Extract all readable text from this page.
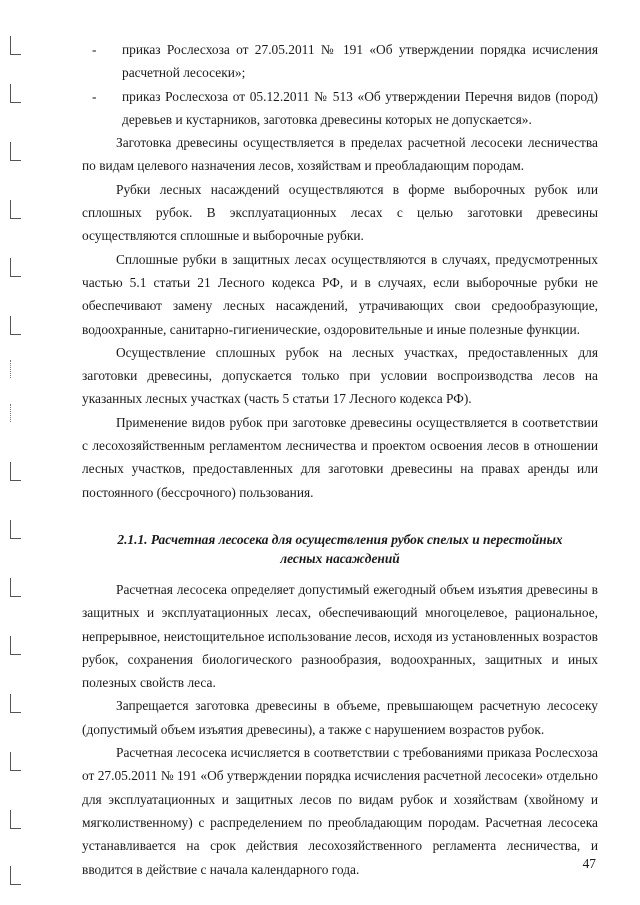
-	приказ Рослесхоза от 27.05.2011 № 191 «Об утверждении порядка исчисления расчетной лесосеки»;

-	приказ Рослесхоза от 05.12.2011 № 513 «Об утверждении Перечня видов (пород) деревьев и кустарников, заготовка древесины которых не допускается».

Заготовка древесины осуществляется в пределах расчетной лесосеки лесничества по видам целевого назначения лесов, хозяйствам и преобладающим породам.

Рубки лесных насаждений осуществляются в форме выборочных рубок или сплошных рубок. В эксплуатационных лесах с целью заготовки древесины осуществляются сплошные и выборочные рубки.

Сплошные рубки в защитных лесах осуществляются в случаях, предусмотренных частью 5.1 статьи 21 Лесного кодекса РФ, и в случаях, если выборочные рубки не обеспечивают замену лесных насаждений, утрачивающих свои средообразующие, водоохранные, санитарно-гигиенические, оздоровительные и иные полезные функции.

Осуществление сплошных рубок на лесных участках, предоставленных для заготовки древесины, допускается только при условии воспроизводства лесов на указанных лесных участках (часть 5 статьи 17 Лесного кодекса РФ).

Применение видов рубок при заготовке древесины осуществляется в соответствии с лесохозяйственным регламентом лесничества и проектом освоения лесов в отношении лесных участков, предоставленных для заготовки древесины на правах аренды или постоянного (бессрочного) пользования.

2.1.1. Расчетная лесосека для осуществления рубок спелых и перестойных
лесных насаждений

Расчетная лесосека определяет допустимый ежегодный объем изъятия древесины в защитных и эксплуатационных лесах, обеспечивающий многоцелевое, рациональное, непрерывное, неистощительное использование лесов, исходя из установленных возрастов рубок, сохранения биологического разнообразия, водоохранных, защитных и иных полезных свойств леса.

Запрещается заготовка древесины в объеме, превышающем расчетную лесосеку (допустимый объем изъятия древесины), а также с нарушением возрастов рубок.

Расчетная лесосека исчисляется в соответствии с требованиями приказа Рослесхоза от 27.05.2011 № 191 «Об утверждении порядка исчисления расчетной лесосеки» отдельно для эксплуатационных и защитных лесов по видам рубок и хозяйствам (хвойному и мягколиственному) с распределением по преобладающим породам. Расчетная лесосека устанавливается на срок действия лесохозяйственного регламента лесничества, и вводится в действие с начала календарного года.	47
